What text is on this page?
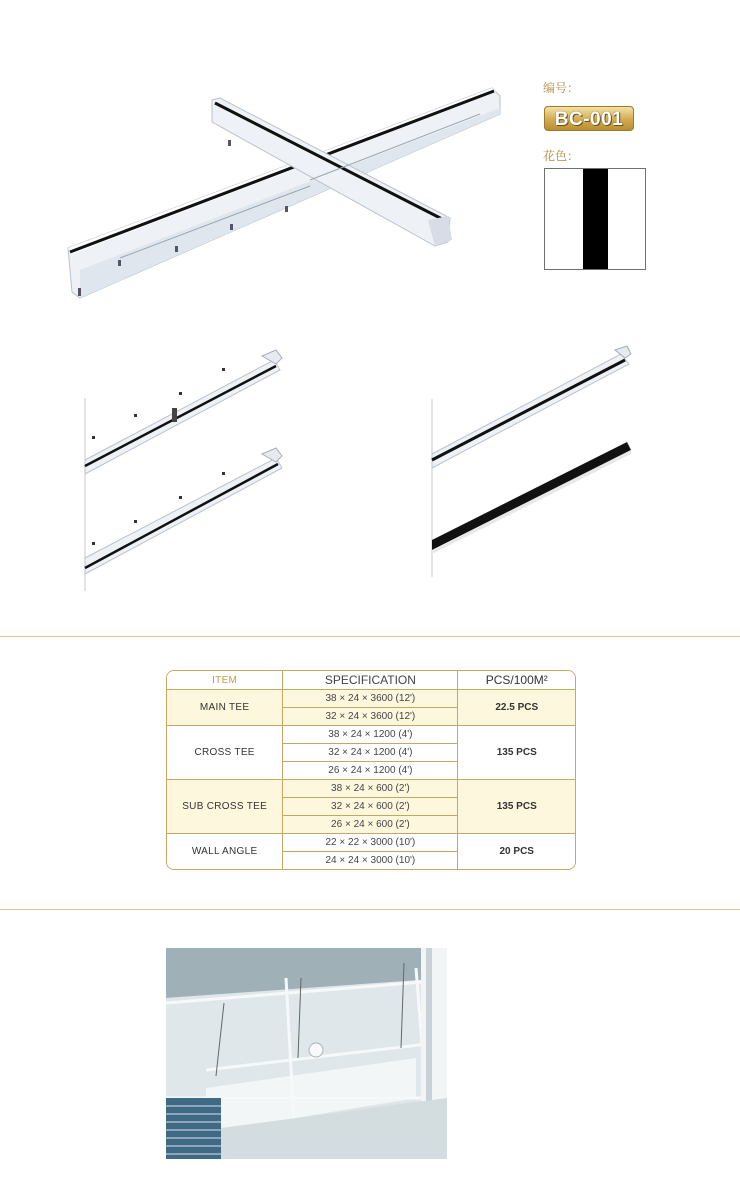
编号：
BC-001
花色：
ITEM	SPECIFICATION	PCS/100M²
MAIN TEE	38 × 24 × 3600 (12')	22.5 PCS
	32 × 24 × 3600 (12')	
CROSS TEE	38 × 24 × 1200 (4')	135 PCS
	32 × 24 × 1200 (4')	
	26 × 24 × 1200 (4')	
SUB CROSS TEE	38 × 24 × 600 (2')	135 PCS
	32 × 24 × 600 (2')	
	26 × 24 × 600 (2')	
WALL ANGLE	22 × 22 × 3000 (10')	20 PCS
	24 × 24 × 3000 (10')	
